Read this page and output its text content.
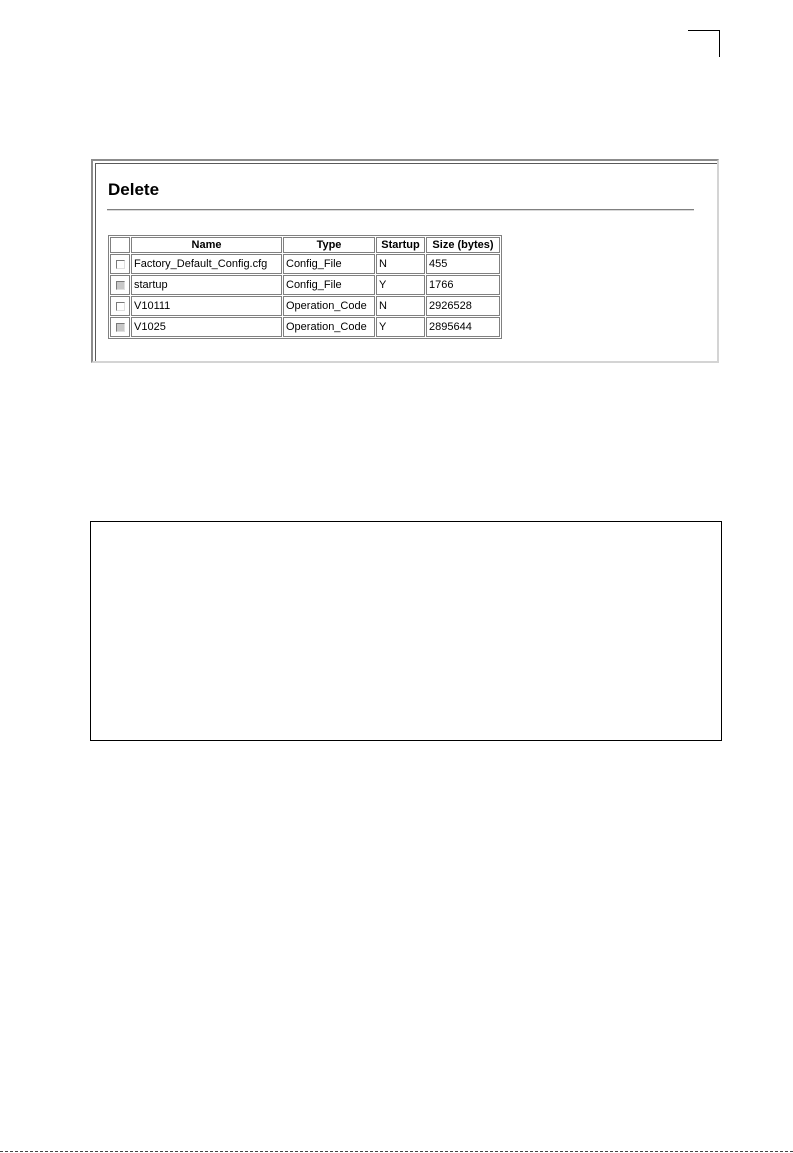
Delete
	Name	Type	Startup	Size (bytes)
	Factory_Default_Config.cfg	Config_File	N	455
	startup	Config_File	Y	1766
	V10111	Operation_Code	N	2926528
	V1025	Operation_Code	Y	2895644
